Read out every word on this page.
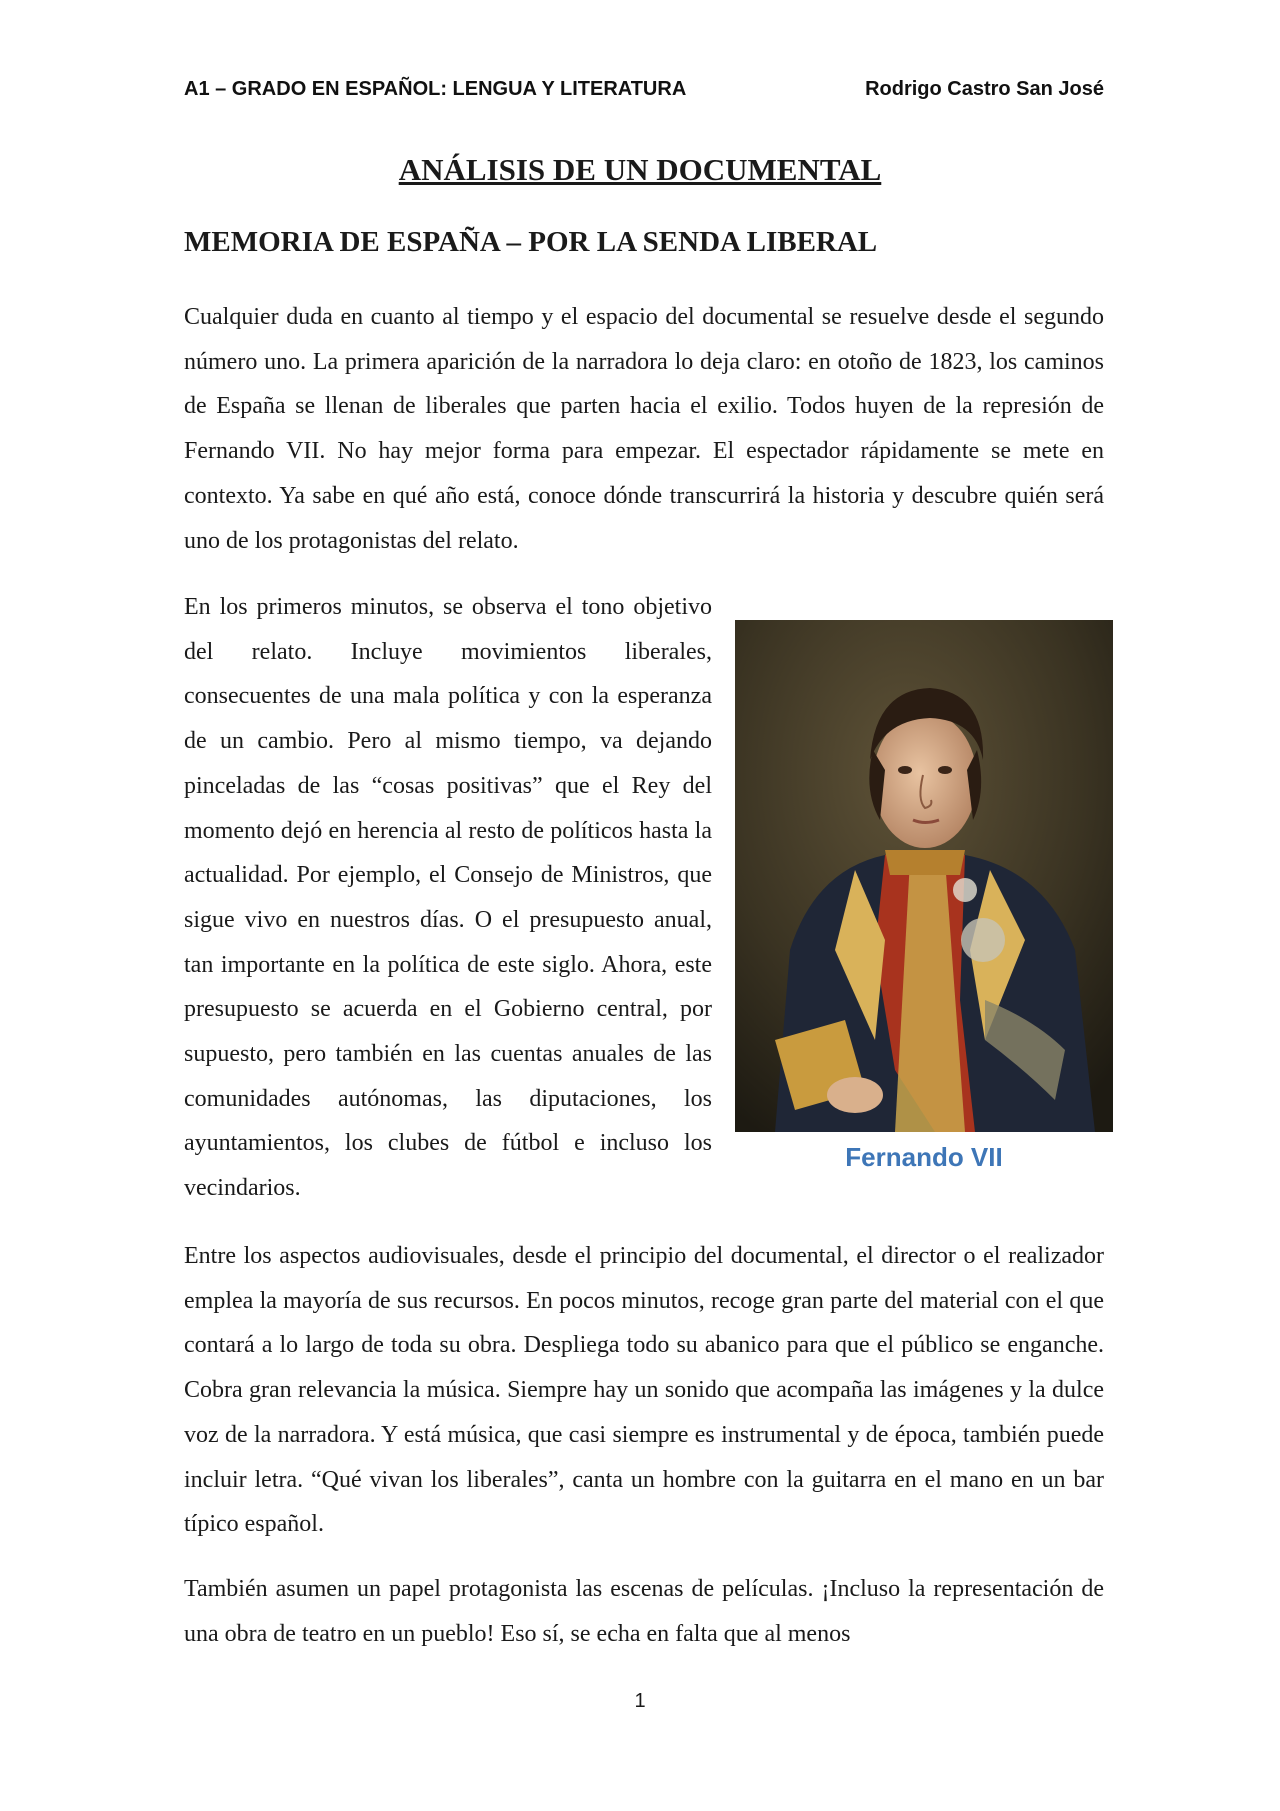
A1 – GRADO EN ESPAÑOL: LENGUA Y LITERATURA	Rodrigo Castro San José
ANÁLISIS DE UN DOCUMENTAL
MEMORIA DE ESPAÑA – POR LA SENDA LIBERAL

Cualquier duda en cuanto al tiempo y el espacio del documental se resuelve desde el segundo número uno. La primera aparición de la narradora lo deja claro: en otoño de 1823, los caminos de España se llenan de liberales que parten hacia el exilio. Todos huyen de la represión de Fernando VII. No hay mejor forma para empezar. El espectador rápidamente se mete en contexto. Ya sabe en qué año está, conoce dónde transcurrirá la historia y descubre quién será uno de los protagonistas del relato.

En los primeros minutos, se observa el tono objetivo del relato. Incluye movimientos liberales, consecuentes de una mala política y con la esperanza de un cambio. Pero al mismo tiempo, va dejando pinceladas de las “cosas positivas” que el Rey del momento dejó en herencia al resto de políticos hasta la actualidad. Por ejemplo, el Consejo de Ministros, que sigue vivo en nuestros días. O el presupuesto anual, tan importante en la política de este siglo. Ahora, este presupuesto se acuerda en el Gobierno central, por supuesto, pero también en las cuentas anuales de las comunidades autónomas, las diputaciones, los ayuntamientos, los clubes de fútbol e incluso los vecindarios.

Fernando VII

Entre los aspectos audiovisuales, desde el principio del documental, el director o el realizador emplea la mayoría de sus recursos. En pocos minutos, recoge gran parte del material con el que contará a lo largo de toda su obra. Despliega todo su abanico para que el público se enganche. Cobra gran relevancia la música. Siempre hay un sonido que acompaña las imágenes y la dulce voz de la narradora. Y está música, que casi siempre es instrumental y de época, también puede incluir letra. “Qué vivan los liberales”, canta un hombre con la guitarra en el mano en un bar típico español.

También asumen un papel protagonista las escenas de películas. ¡Incluso la representación de una obra de teatro en un pueblo! Eso sí, se echa en falta que al menos

1
